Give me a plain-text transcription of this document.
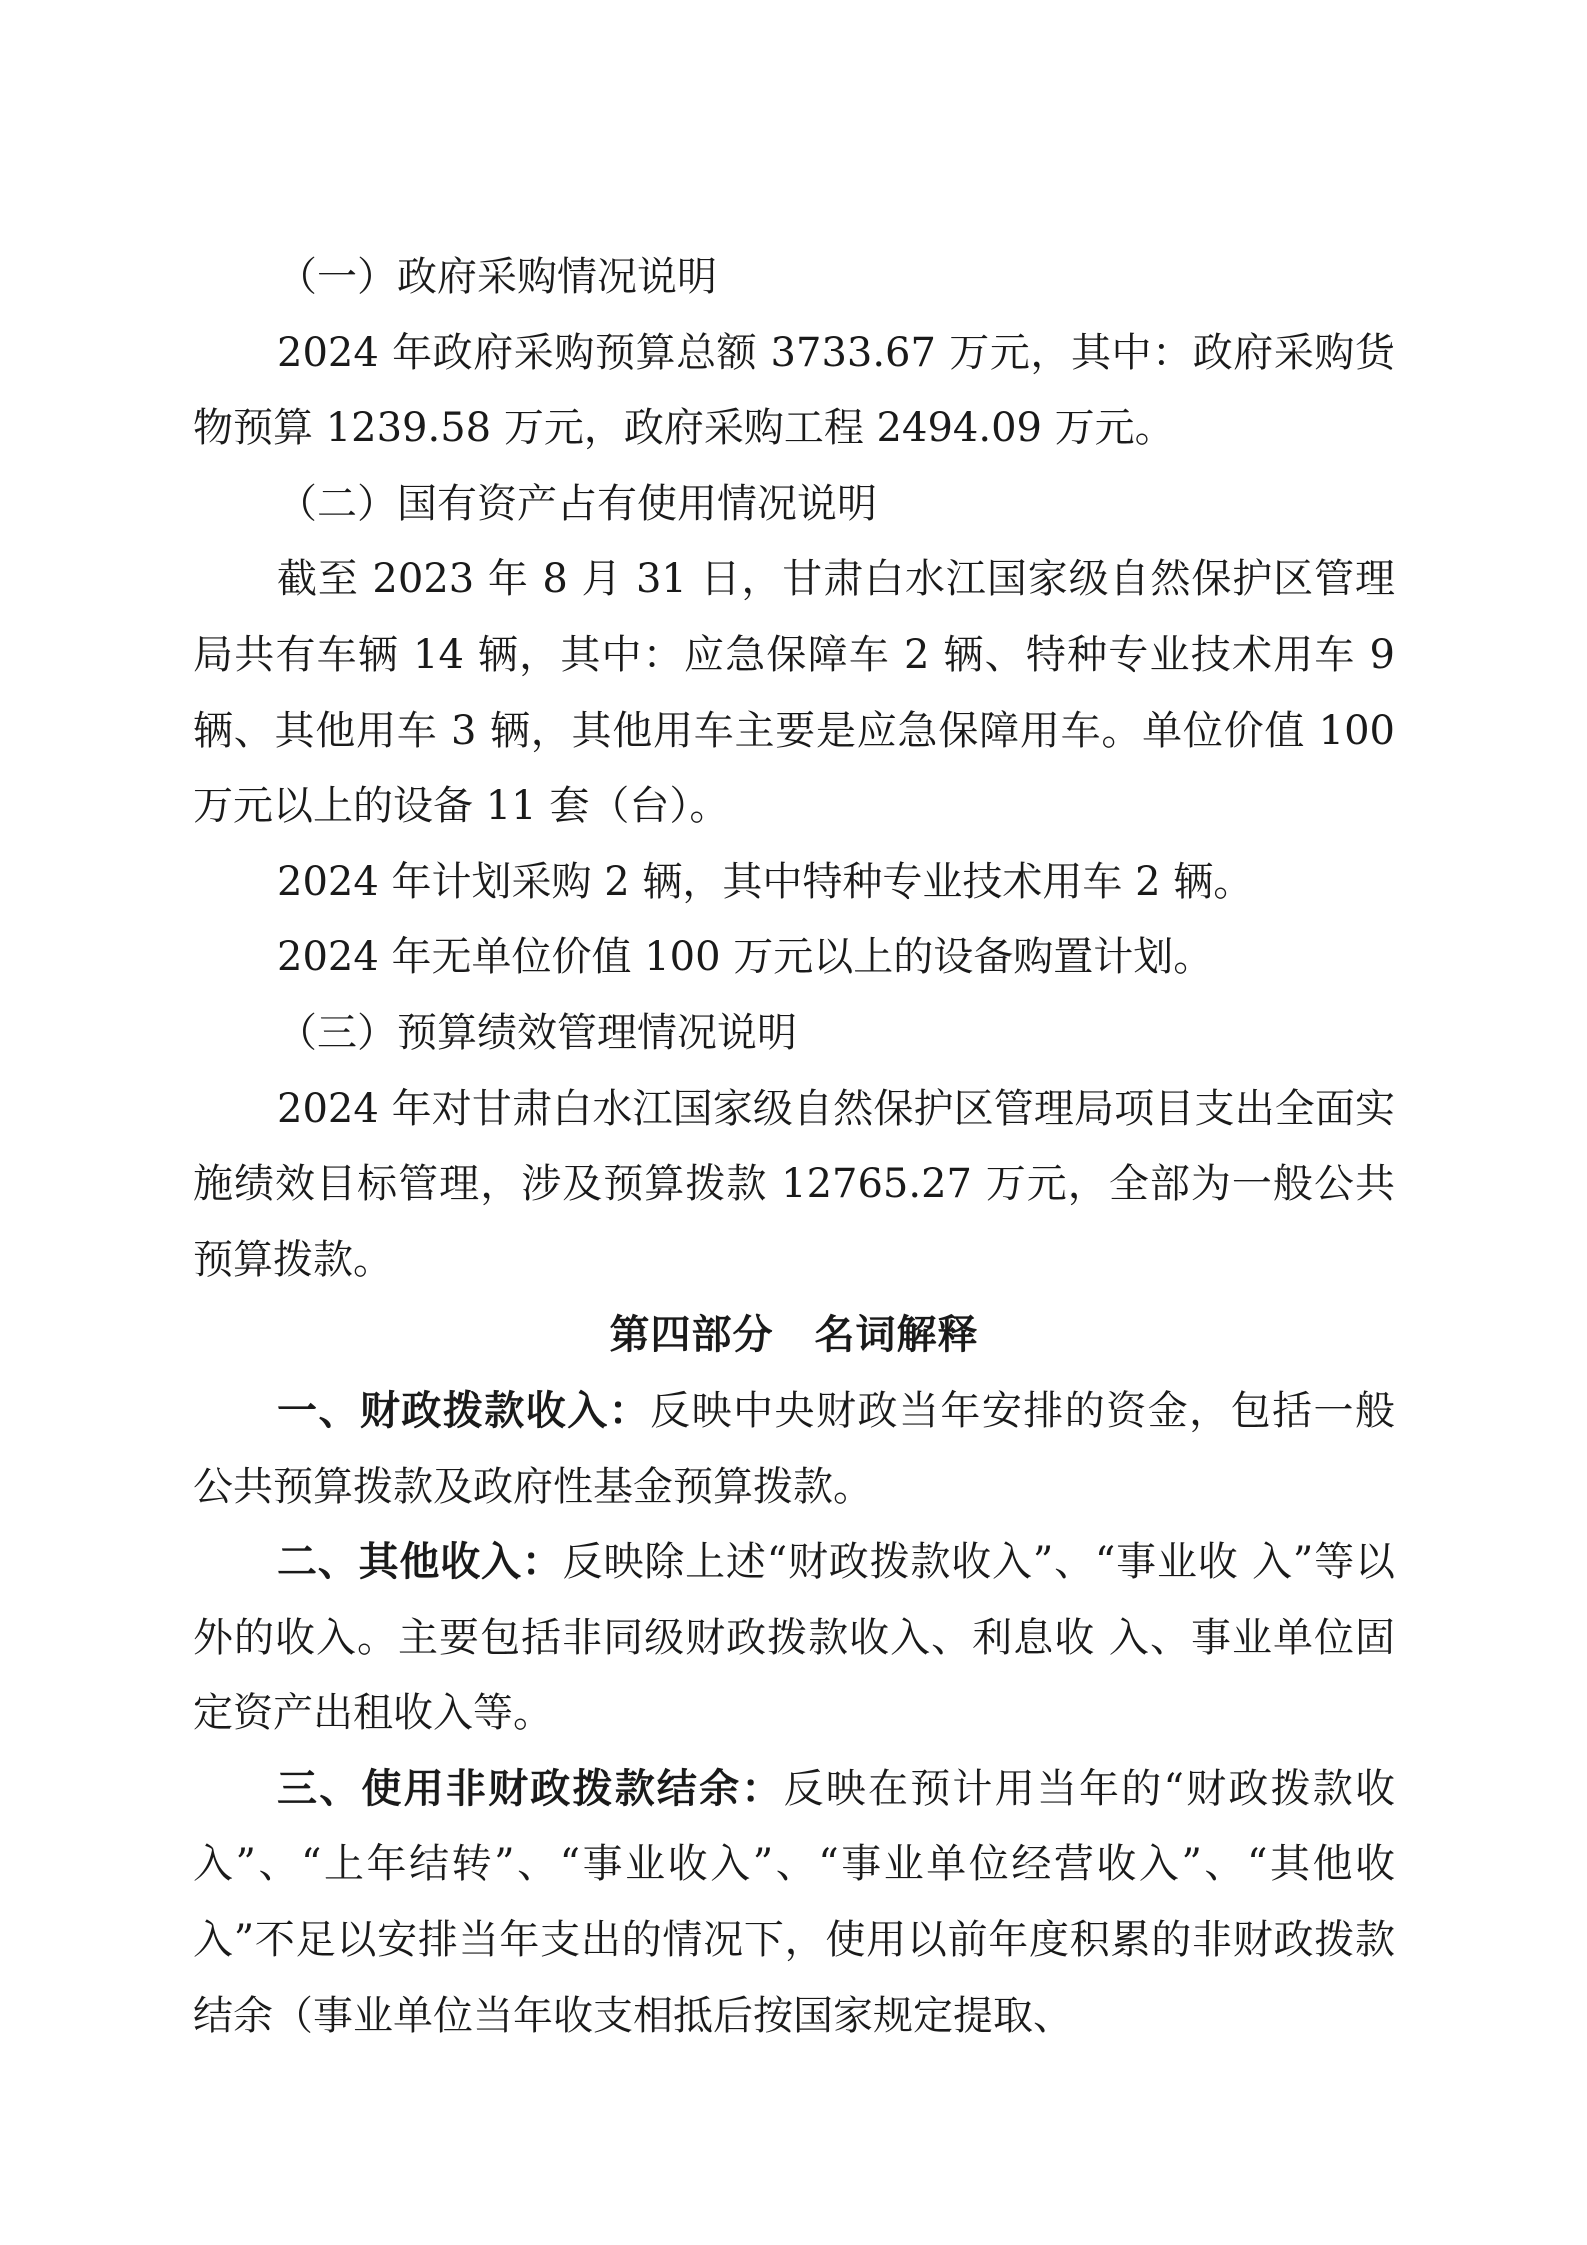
（一）政府采购情况说明

2024 年政府采购预算总额 3733.67 万元，其中：政府采购货物预算 1239.58 万元，政府采购工程 2494.09 万元。

（二）国有资产占有使用情况说明

截至 2023 年 8 月 31 日，甘肃白水江国家级自然保护区管理局共有车辆 14 辆，其中：应急保障车 2 辆、特种专业技术用车 9 辆、其他用车 3 辆，其他用车主要是应急保障用车。单位价值 100 万元以上的设备 11 套（台）。

2024 年计划采购 2 辆，其中特种专业技术用车 2 辆。

2024 年无单位价值 100 万元以上的设备购置计划。

（三）预算绩效管理情况说明

2024 年对甘肃白水江国家级自然保护区管理局项目支出全面实施绩效目标管理，涉及预算拨款 12765.27 万元，全部为一般公共预算拨款。

第四部分　名词解释

一、财政拨款收入：反映中央财政当年安排的资金，包括一般公共预算拨款及政府性基金预算拨款。

二、其他收入：反映除上述“财政拨款收入”、“事业收 入”等以外的收入。主要包括非同级财政拨款收入、利息收 入、事业单位固定资产出租收入等。

三、使用非财政拨款结余：反映在预计用当年的“财政拨款收入”、“上年结转”、“事业收入”、“事业单位经营收入”、“其他收入”不足以安排当年支出的情况下，使用以前年度积累的非财政拨款结余（事业单位当年收支相抵后按国家规定提取、
